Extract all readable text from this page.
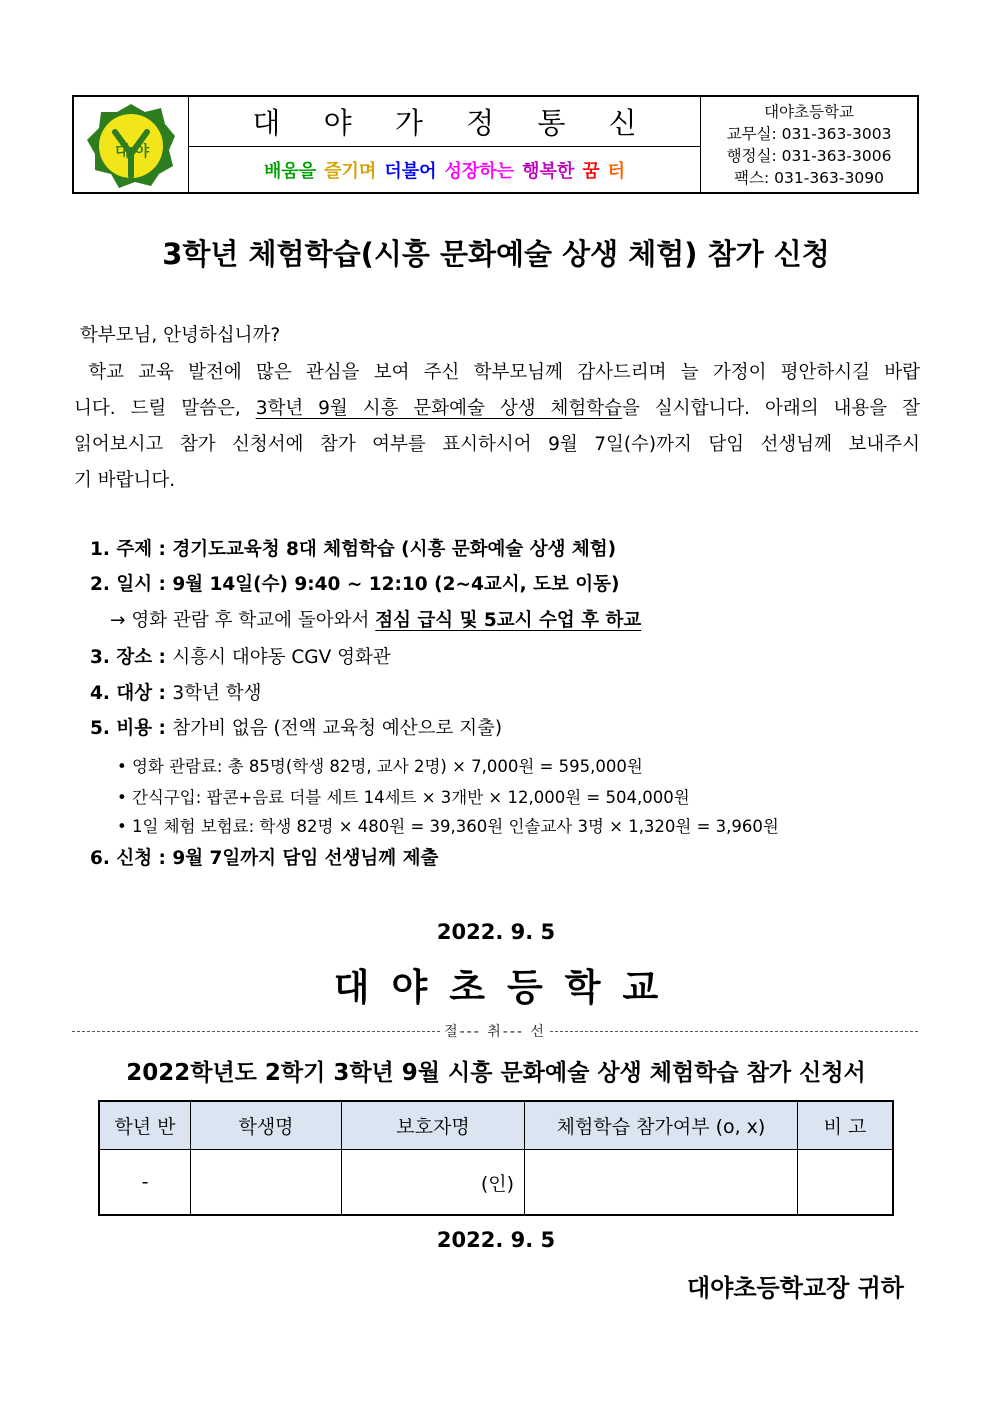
대 야
대 야 가 정 통 신
배움을 즐기며 더불어 성장하는 행복한 꿈 터
대야초등학교
교무실: 031-363-3003
행정실: 031-363-3006
팩스: 031-363-3090
3학년 체험학습(시흥 문화예술 상생 체험) 참가 신청
학부모님, 안녕하십니까?
학교 교육 발전에 많은 관심을 보여 주신 학부모님께 감사드리며 늘 가정이 평안하시길 바랍
니다. 드릴 말씀은, 3학년 9월 시흥 문화예술 상생 체험학습을 실시합니다. 아래의 내용을 잘
읽어보시고 참가 신청서에 참가 여부를 표시하시어 9월 7일(수)까지 담임 선생님께 보내주시
기 바랍니다.
1. 주제 : 경기도교육청 8대 체험학습 (시흥 문화예술 상생 체험)
2. 일시 : 9월 14일(수) 9:40 ~ 12:10 (2~4교시, 도보 이동)
→ 영화 관람 후 학교에 돌아와서 점심 급식 및 5교시 수업 후 하교
3. 장소 : 시흥시 대야동 CGV 영화관
4. 대상 : 3학년 학생
5. 비용 : 참가비 없음 (전액 교육청 예산으로 지출)
• 영화 관람료: 총 85명(학생 82명, 교사 2명) × 7,000원 = 595,000원
• 간식구입: 팝콘+음료 더블 세트 14세트 × 3개반 × 12,000원 = 504,000원
• 1일 체험 보험료: 학생 82명 × 480원 = 39,360원 인솔교사 3명 × 1,320원 = 3,960원
6. 신청 : 9월 7일까지 담임 선생님께 제출
2022. 9. 5
대야초등학교
절--- 취--- 선
2022학년도 2학기 3학년 9월 시흥 문화예술 상생 체험학습 참가 신청서
학년 반	학생명	보호자명	체험학습 참가여부 (o, x)	비 고
-		(인)		
2022. 9. 5
대야초등학교장 귀하
